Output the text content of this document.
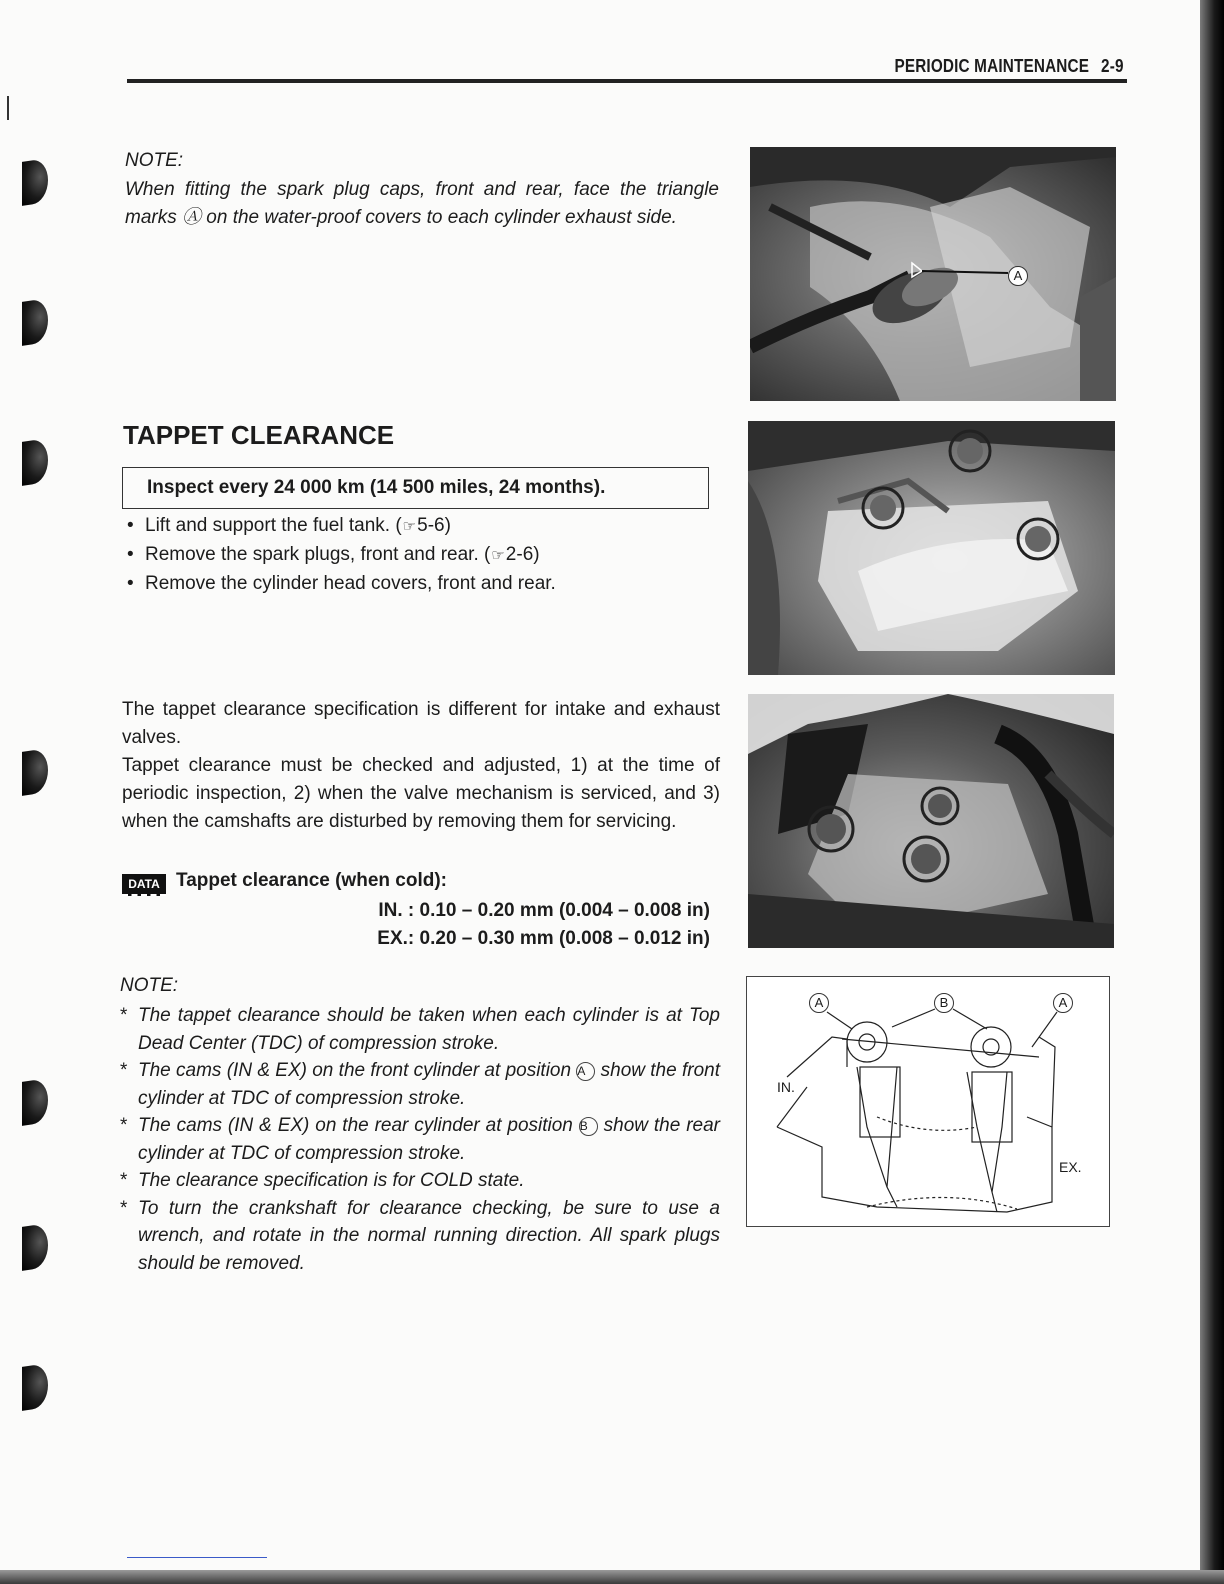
PERIODIC MAINTENANCE 2-9
NOTE:

When fitting the spark plug caps, front and rear, face the triangle marks Ⓐ on the water-proof covers to each cylinder exhaust side.

TAPPET CLEARANCE
Inspect every 24 000 km (14 500 miles, 24 months).
• Lift and support the fuel tank. (☞5-6)
• Remove the spark plugs, front and rear. (☞2-6)
• Remove the cylinder head covers, front and rear.

The tappet clearance specification is different for intake and exhaust valves.

Tappet clearance must be checked and adjusted, 1) at the time of periodic inspection, 2) when the valve mechanism is serviced, and 3) when the camshafts are disturbed by removing them for servicing.

DATA Tappet clearance (when cold):
IN. : 0.10 – 0.20 mm (0.004 – 0.008 in)
EX.: 0.20 – 0.30 mm (0.008 – 0.012 in)
NOTE:
* The tappet clearance should be taken when each cylinder is at Top Dead Center (TDC) of compression stroke.
* The cams (IN & EX) on the front cylinder at position A show the front cylinder at TDC of compression stroke.
* The cams (IN & EX) on the rear cylinder at position B show the rear cylinder at TDC of compression stroke.
* The clearance specification is for COLD state.
* To turn the crankshaft for clearance checking, be sure to use a wrench, and rotate in the normal running direction. All spark plugs should be removed.
A
A	B	A
IN.
EX.
